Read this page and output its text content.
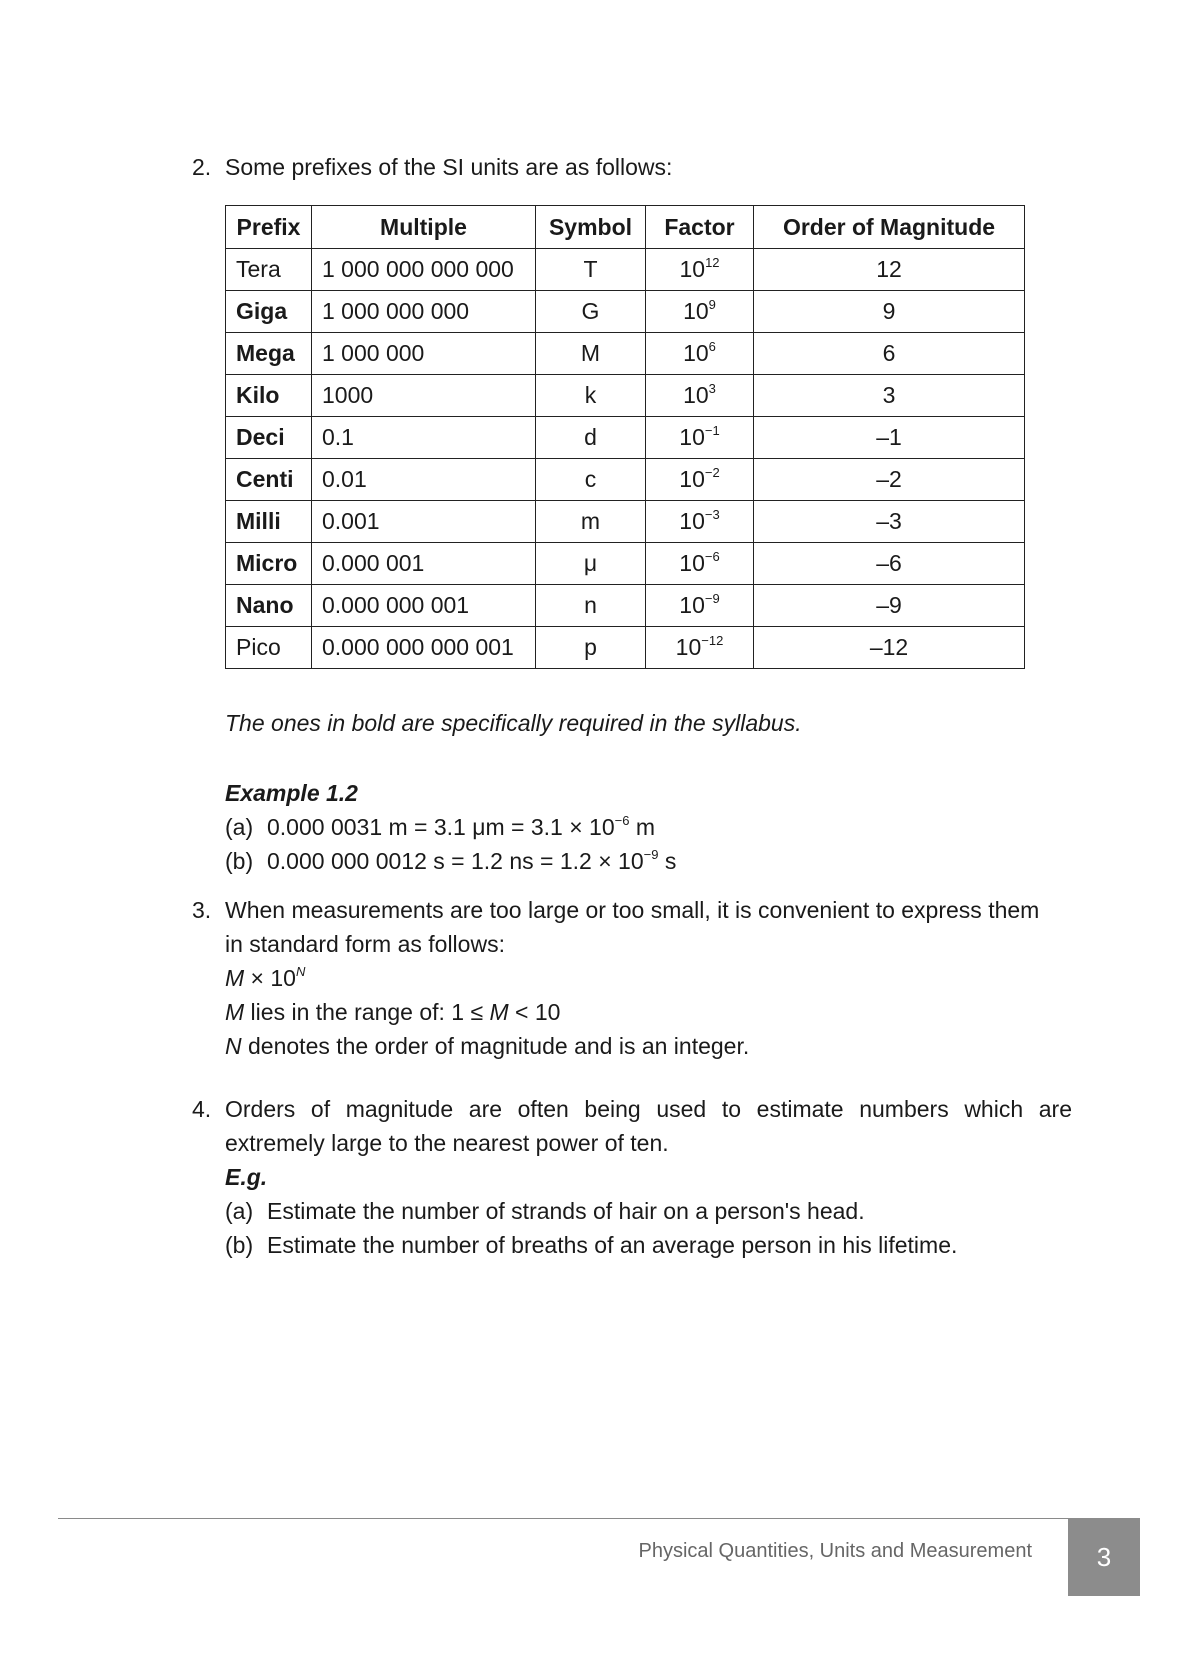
2. Some prefixes of the SI units are as follows:
Prefix	Multiple	Symbol	Factor	Order of Magnitude
Tera	1 000 000 000 000	T	$10^{12}$	12
Giga	1 000 000 000	G	$10^9$	9
Mega	1 000 000	M	$10^6$	6
Kilo	1000	k	$10^3$	3
Deci	0.1	d	$10^{-1}$	–1
Centi	0.01	c	$10^{-2}$	–2
Milli	0.001	m	$10^{-3}$	–3
Micro	0.000 001	μ	$10^{-6}$	–6
Nano	0.000 000 001	n	$10^{-9}$	–9
Pico	0.000 000 000 001	p	$10^{-12}$	–12
The ones in bold are specifically required in the syllabus.
Example 1.2
(a) 0.000 0031 m = 3.1 $\mu m = 3.1 \times 10^{-6}$ m
(b) 0.000 000 0012 s = 1.2 ns = $1.2 \times 10^{-9}$ s
3. When measurements are too large or too small, it is convenient to express them
in standard form as follows:
$M \times 10^N$
M lies in the range of: 1 ≤ M < 10
N denotes the order of magnitude and is an integer.
4. Orders of magnitude are often being used to estimate numbers which are extremely large to the nearest power of ten.
E.g.
(a) Estimate the number of strands of hair on a person's head.
(b) Estimate the number of breaths of an average person in his lifetime.
Physical Quantities, Units and Measurement	3
